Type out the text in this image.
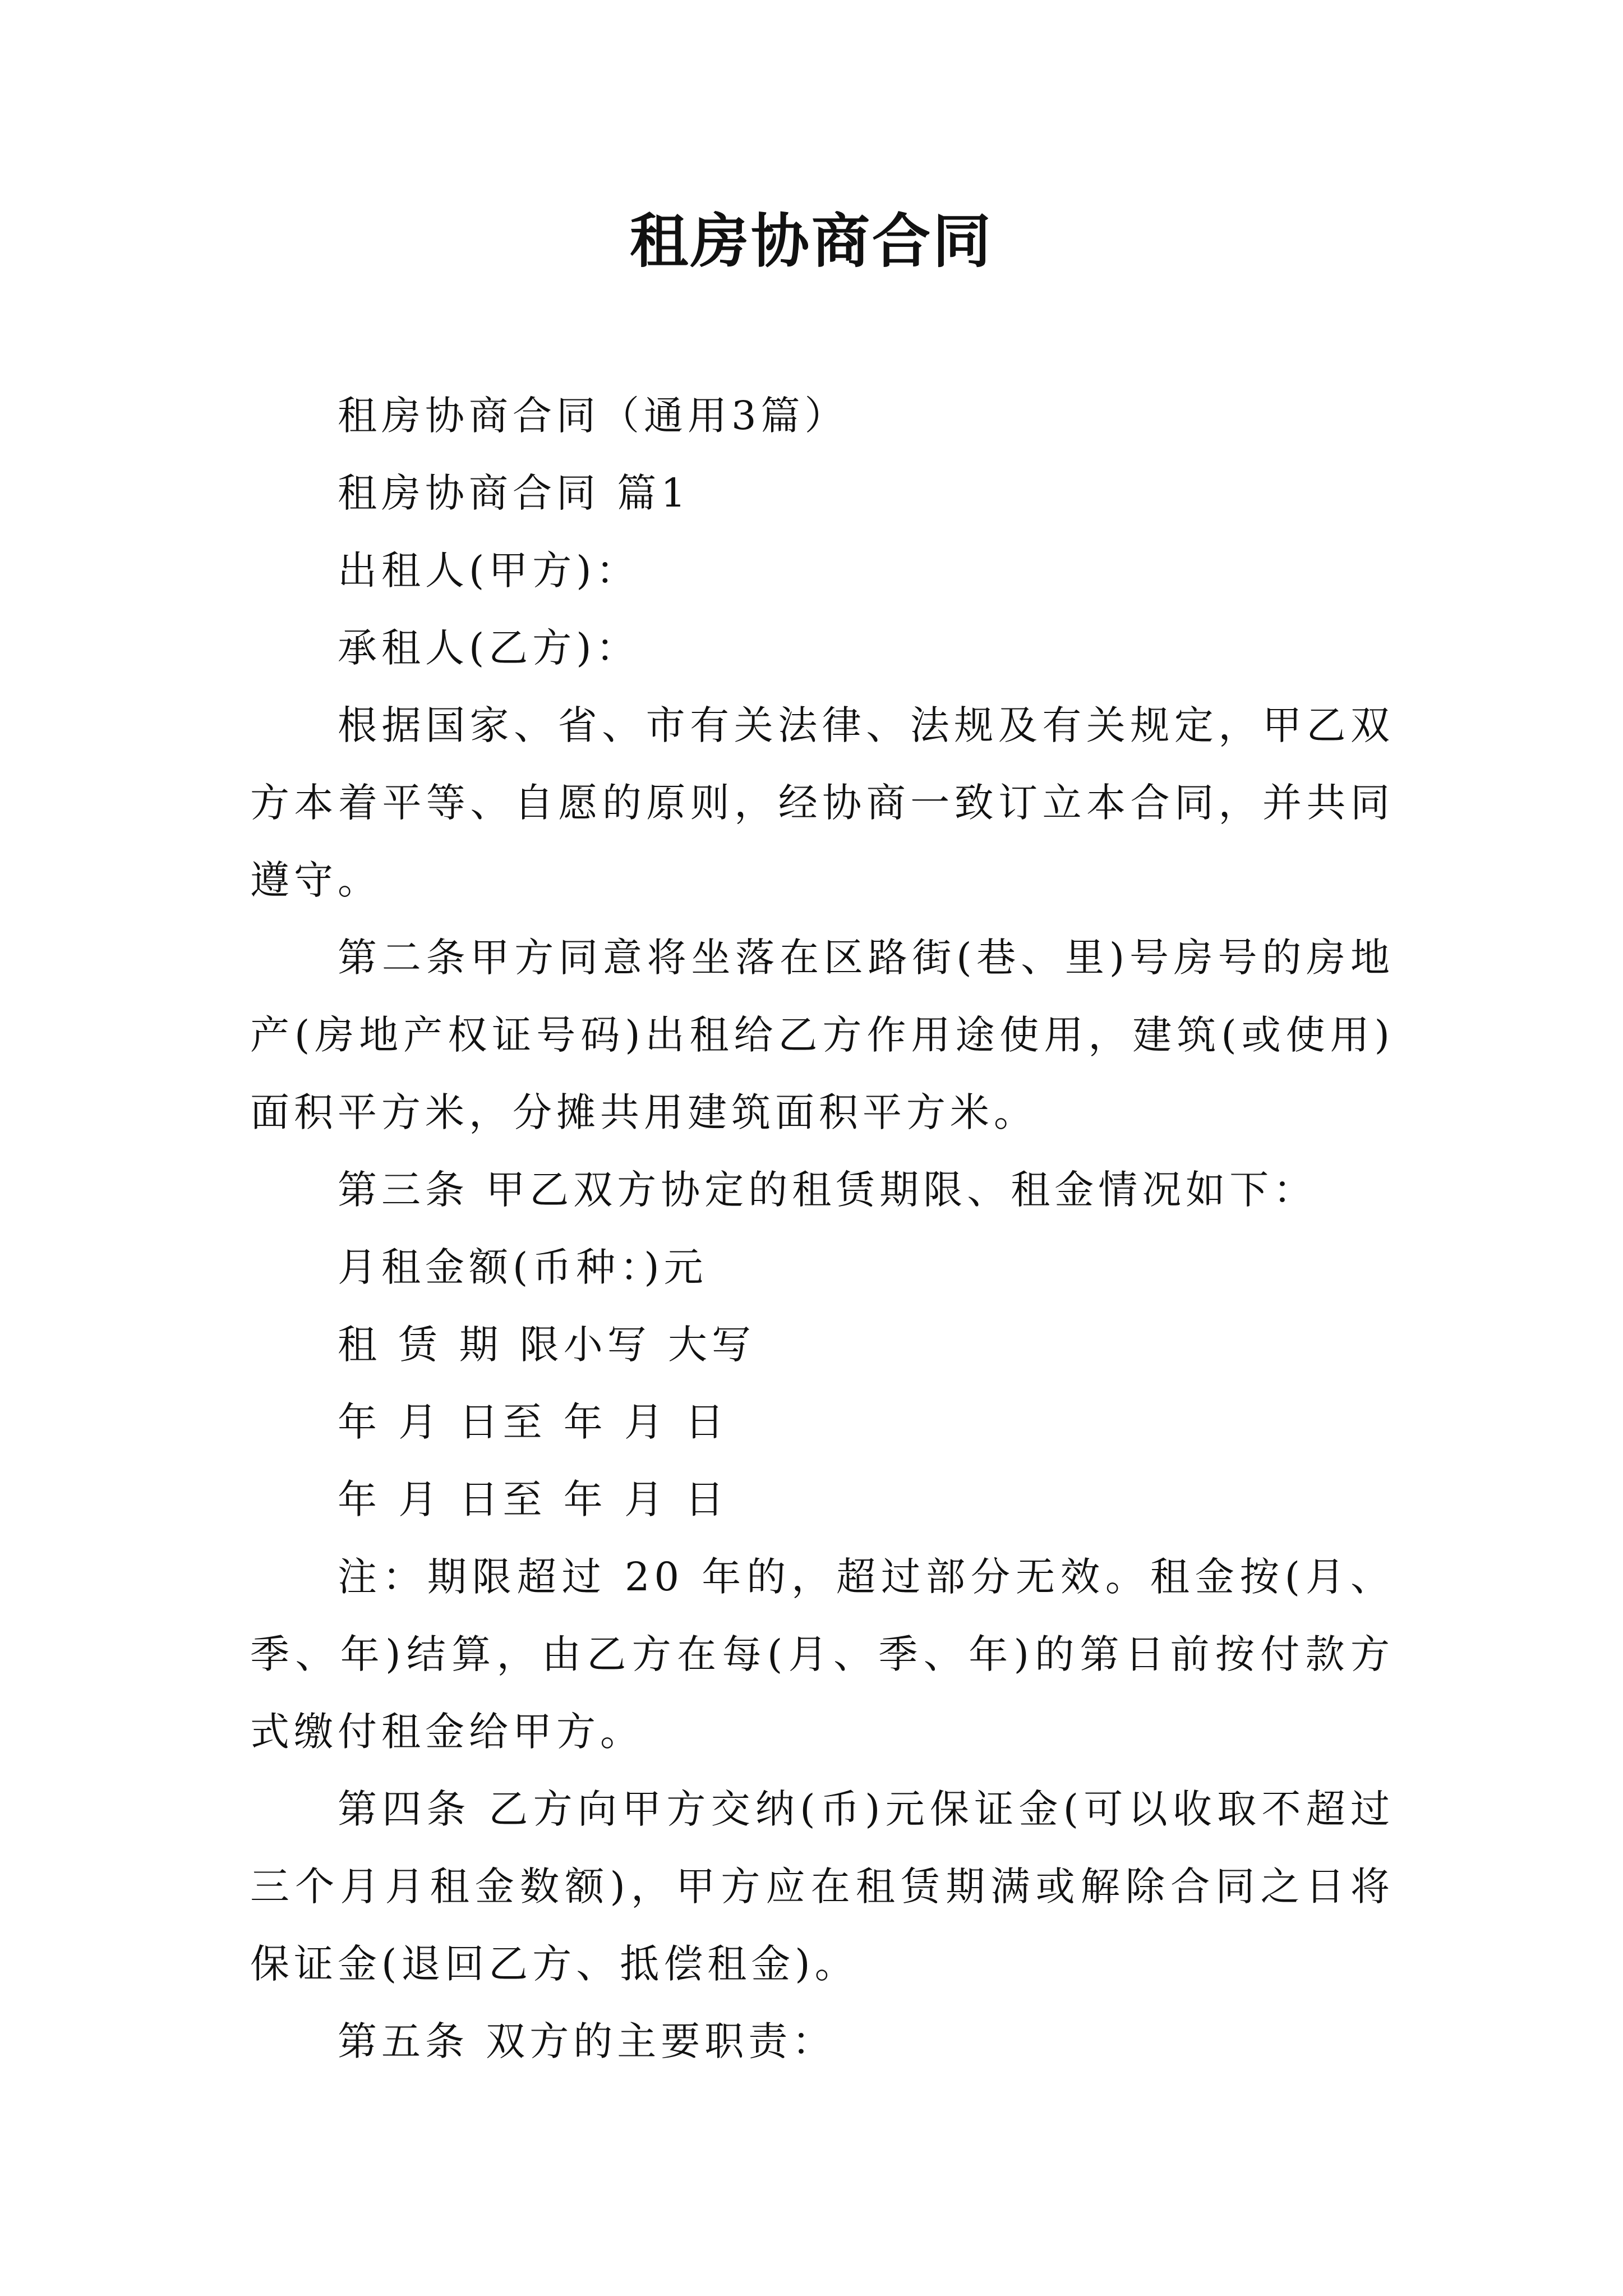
租房协商合同

租房协商合同（通用3篇）

租房协商合同 篇1

出租人(甲方)：

承租人(乙方)：

根据国家、省、市有关法律、法规及有关规定，甲乙双方本着平等、自愿的原则，经协商一致订立本合同，并共同遵守。

第二条甲方同意将坐落在区路街(巷、里)号房号的房地产(房地产权证号码)出租给乙方作用途使用，建筑(或使用)面积平方米，分摊共用建筑面积平方米。

第三条 甲乙双方协定的租赁期限、租金情况如下：

月租金额(币种：)元

租 赁 期 限小写 大写

年 月 日至 年 月 日

年 月 日至 年 月 日

注：期限超过 20 年的，超过部分无效。租金按(月、季、年)结算，由乙方在每(月、季、年)的第日前按付款方式缴付租金给甲方。

第四条 乙方向甲方交纳(币)元保证金(可以收取不超过三个月月租金数额)，甲方应在租赁期满或解除合同之日将保证金(退回乙方、抵偿租金)。

第五条 双方的主要职责：
